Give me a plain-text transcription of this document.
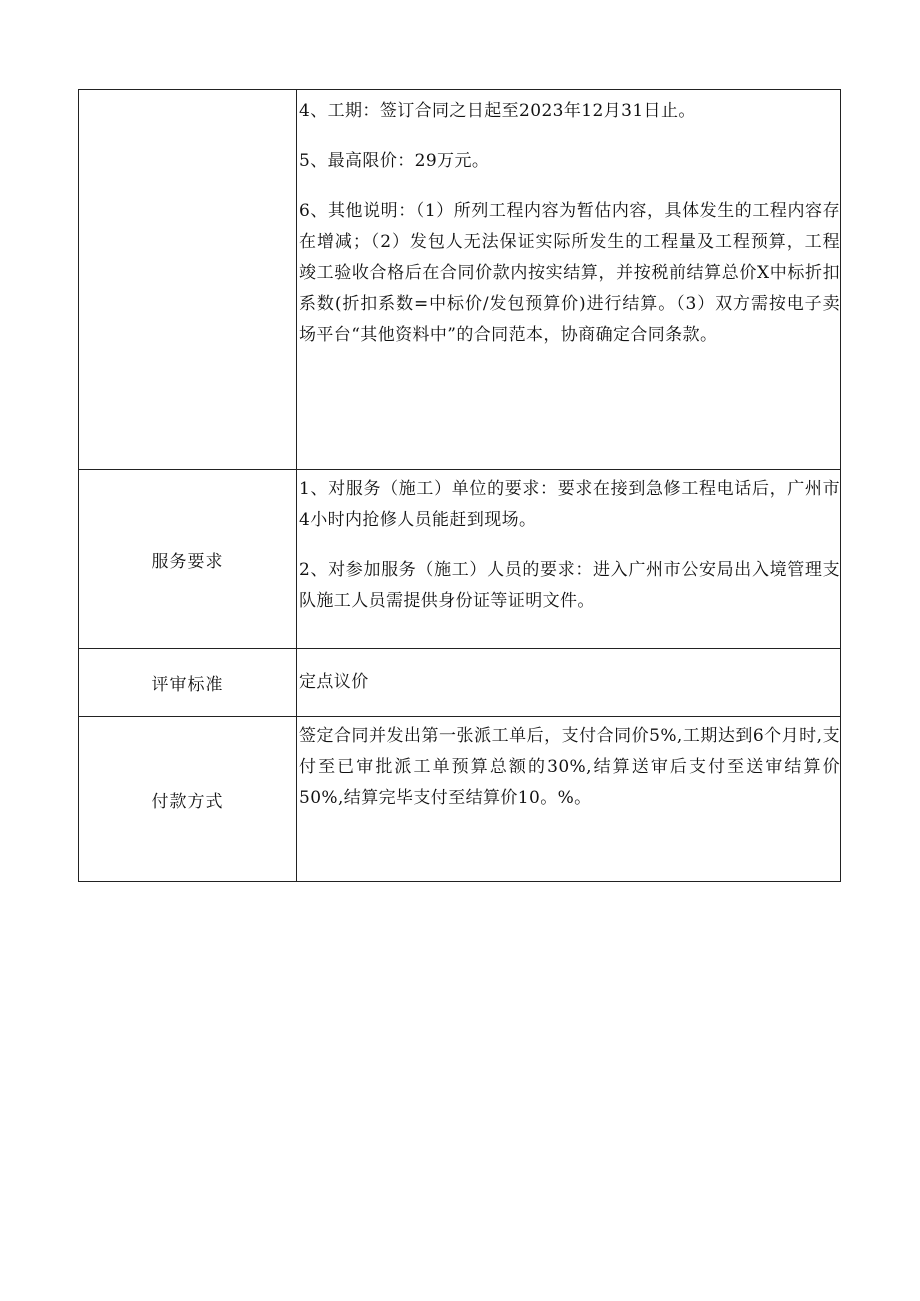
	4、工期：签订合同之日起至2023年12月31日止。

5、最高限价：29万元。

6、其他说明：（1）所列工程内容为暂估内容，具体发生的工程内容存在增减；（2）发包人无法保证实际所发生的工程量及工程预算，工程竣工验收合格后在合同价款内按实结算，并按税前结算总价X中标折扣系数(折扣系数=中标价/发包预算价)进行结算。（3）双方需按电子卖场平台“其他资料中”的合同范本，协商确定合同条款。

服务要求	1、对服务（施工）单位的要求：要求在接到急修工程电话后，广州市4小时内抢修人员能赶到现场。

2、对参加服务（施工）人员的要求：进入广州市公安局出入境管理支队施工人员需提供身份证等证明文件。

评审标准	定点议价

付款方式	签定合同并发出第一张派工单后，支付合同价5%,工期达到6个月时,支付至已审批派工单预算总额的30%,结算送审后支付至送审结算价50%,结算完毕支付至结算价10。%。
